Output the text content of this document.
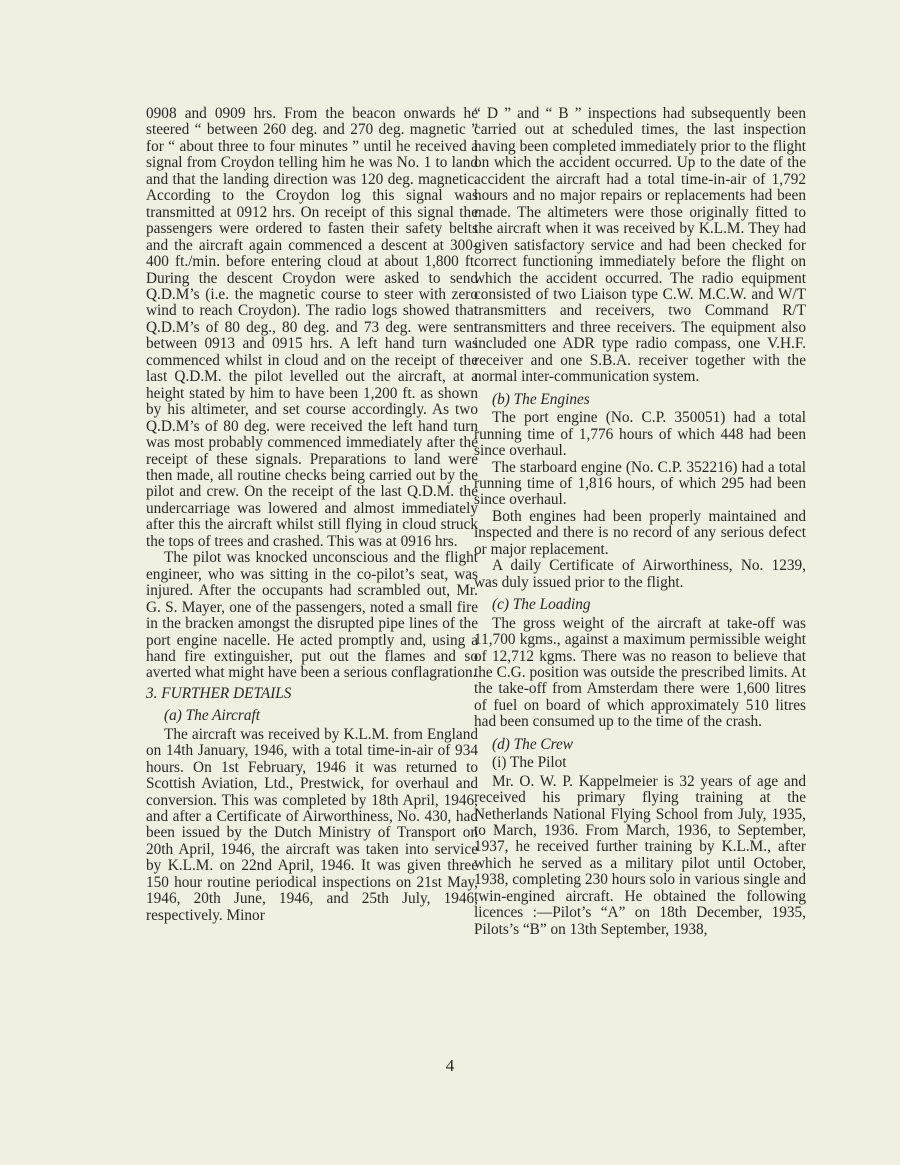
0908 and 0909 hrs. From the beacon onwards he steered “ between 260 deg. and 270 deg. magnetic ” for “ about three to four minutes ” until he received a signal from Croydon telling him he was No. 1 to land and that the landing direction was 120 deg. magnetic. According to the Croydon log this signal was transmitted at 0912 hrs. On receipt of this signal the passengers were ordered to fasten their safety belts and the aircraft again commenced a descent at 300-400 ft./min. before entering cloud at about 1,800 ft. During the descent Croydon were asked to send Q.D.M’s (i.e. the magnetic course to steer with zero wind to reach Croydon). The radio logs showed that Q.D.M’s of 80 deg., 80 deg. and 73 deg. were sent between 0913 and 0915 hrs. A left hand turn was commenced whilst in cloud and on the receipt of the last Q.D.M. the pilot levelled out the aircraft, at a height stated by him to have been 1,200 ft. as shown by his altimeter, and set course accordingly. As two Q.D.M’s of 80 deg. were received the left hand turn was most probably commenced immediately after the receipt of these signals. Preparations to land were then made, all routine checks being carried out by the pilot and crew. On the receipt of the last Q.D.M. the undercarriage was lowered and almost immediately after this the aircraft whilst still flying in cloud struck the tops of trees and crashed. This was at 0916 hrs.

The pilot was knocked unconscious and the flight engineer, who was sitting in the co-pilot’s seat, was injured. After the occupants had scrambled out, Mr. G. S. Mayer, one of the passengers, noted a small fire in the bracken amongst the disrupted pipe lines of the port engine nacelle. He acted promptly and, using a hand fire extinguisher, put out the flames and so averted what might have been a serious conflagration.

3. FURTHER DETAILS
(a) The Aircraft

The aircraft was received by K.L.M. from England on 14th January, 1946, with a total time-in-air of 934 hours. On 1st February, 1946 it was returned to Scottish Aviation, Ltd., Prestwick, for overhaul and conversion. This was completed by 18th April, 1946, and after a Certificate of Airworthiness, No. 430, had been issued by the Dutch Ministry of Transport on 20th April, 1946, the aircraft was taken into service by K.L.M. on 22nd April, 1946. It was given three 150 hour routine periodical inspections on 21st May, 1946, 20th June, 1946, and 25th July, 1946, respectively. Minor

“ D ” and “ B ” inspections had subsequently been carried out at scheduled times, the last inspection having been completed immediately prior to the flight on which the accident occurred. Up to the date of the accident the aircraft had a total time-in-air of 1,792 hours and no major repairs or replacements had been made. The altimeters were those originally fitted to the aircraft when it was received by K.L.M. They had given satisfactory service and had been checked for correct functioning immediately before the flight on which the accident occurred. The radio equipment consisted of two Liaison type C.W. M.C.W. and W/T transmitters and receivers, two Command R/T transmitters and three receivers. The equipment also included one ADR type radio compass, one V.H.F. receiver and one S.B.A. receiver together with the normal inter-communication system.

(b) The Engines

The port engine (No. C.P. 350051) had a total running time of 1,776 hours of which 448 had been since overhaul.

The starboard engine (No. C.P. 352216) had a total running time of 1,816 hours, of which 295 had been since overhaul.

Both engines had been properly maintained and inspected and there is no record of any serious defect or major replacement.

A daily Certificate of Airworthiness, No. 1239, was duly issued prior to the flight.

(c) The Loading

The gross weight of the aircraft at take-off was 11,700 kgms., against a maximum permissible weight of 12,712 kgms. There was no reason to believe that the C.G. position was outside the prescribed limits. At the take-off from Amsterdam there were 1,600 litres of fuel on board of which approximately 510 litres had been consumed up to the time of the crash.

(d) The Crew
(i) The Pilot

Mr. O. W. P. Kappelmeier is 32 years of age and received his primary flying training at the Netherlands National Flying School from July, 1935, to March, 1936. From March, 1936, to September, 1937, he received further training by K.L.M., after which he served as a military pilot until October, 1938, completing 230 hours solo in various single and twin-engined aircraft. He obtained the following licences :—Pilot’s “A” on 18th December, 1935, Pilots’s “B” on 13th September, 1938,

4
